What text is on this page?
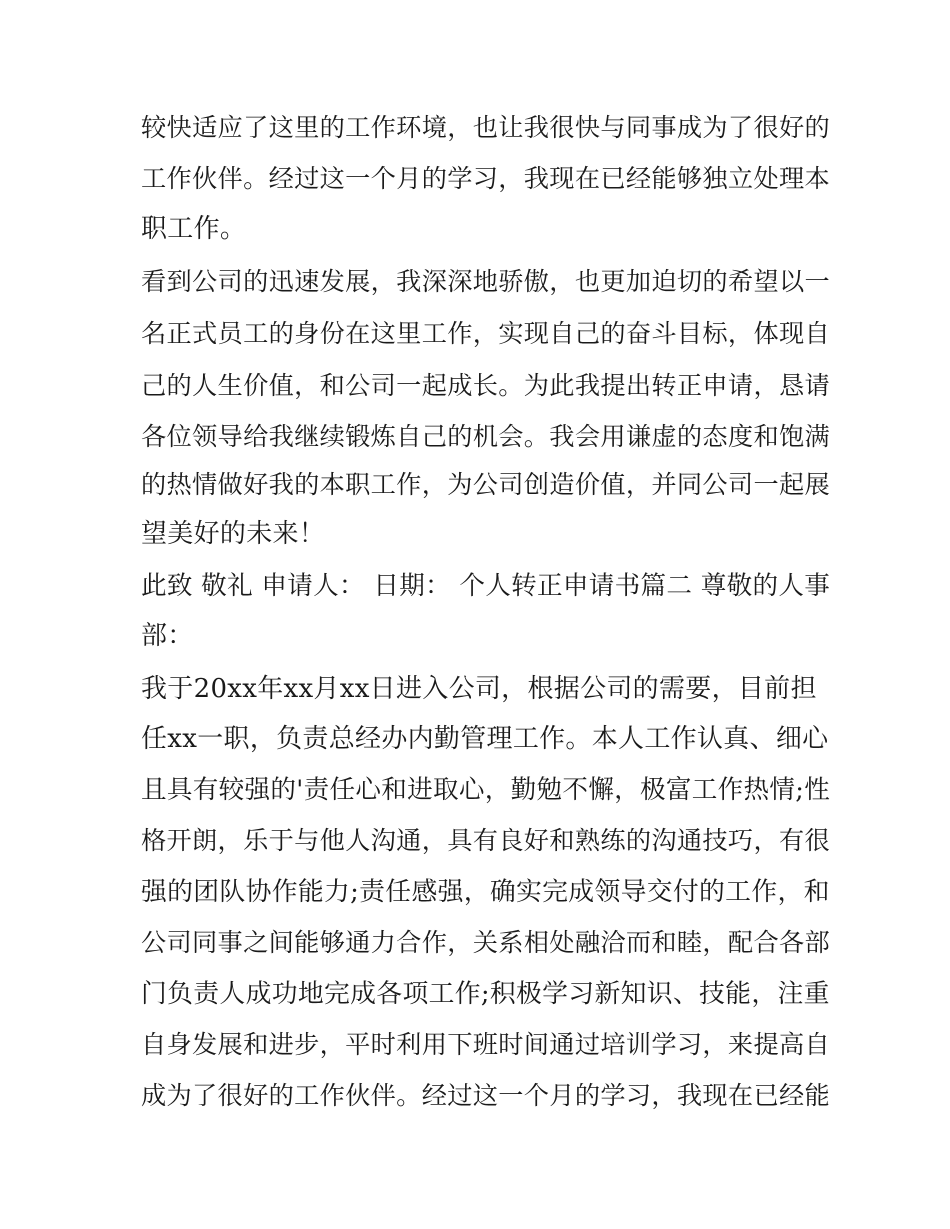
较快适应了这里的工作环境，也让我很快与同事成为了很好的
工作伙伴。经过这一个月的学习，我现在已经能够独立处理本
职工作。
看到公司的迅速发展，我深深地骄傲，也更加迫切的希望以一
名正式员工的身份在这里工作，实现自己的奋斗目标，体现自
己的人生价值，和公司一起成长。为此我提出转正申请，恳请
各位领导给我继续锻炼自己的机会。我会用谦虚的态度和饱满
的热情做好我的本职工作，为公司创造价值，并同公司一起展
望美好的未来！
此致 敬礼 申请人： 日期： 个人转正申请书篇二 尊敬的人事
部：
我于20xx年xx月xx日进入公司，根据公司的需要，目前担
任xx一职，负责总经办内勤管理工作。本人工作认真、细心
且具有较强的'责任心和进取心，勤勉不懈，极富工作热情;性
格开朗，乐于与他人沟通，具有良好和熟练的沟通技巧，有很
强的团队协作能力;责任感强，确实完成领导交付的工作，和
公司同事之间能够通力合作，关系相处融洽而和睦，配合各部
门负责人成功地完成各项工作;积极学习新知识、技能，注重
自身发展和进步，平时利用下班时间通过培训学习，来提高自
成为了很好的工作伙伴。经过这一个月的学习，我现在已经能
